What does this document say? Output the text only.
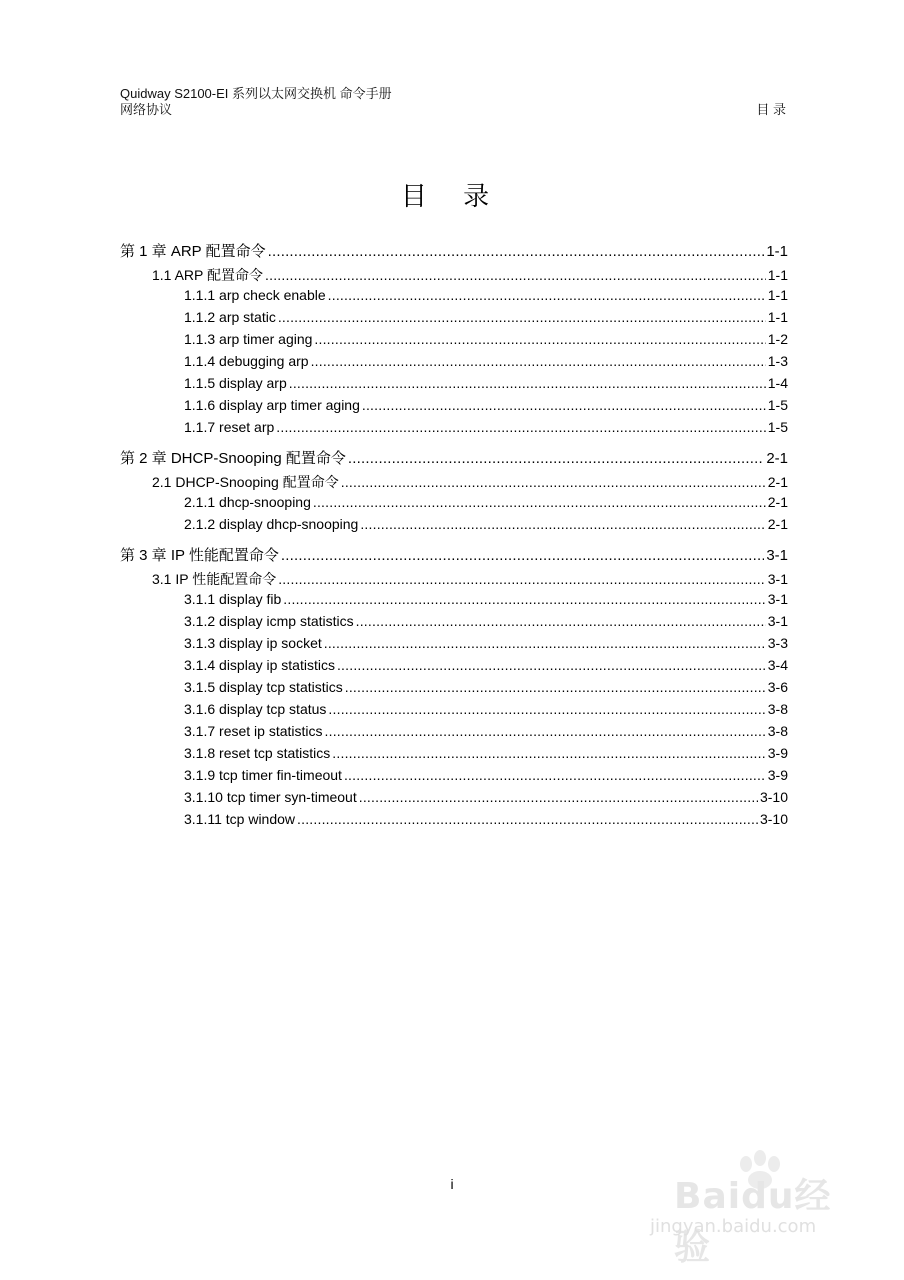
Quidway S2100-EI 系列以太网交换机 命令手册
网络协议	目 录
目 录
第 1 章 ARP 配置命令 .....	1-1
1.1 ARP 配置命令 .....	1-1
1.1.1 arp check enable .....	1-1
1.1.2 arp static .....	1-1
1.1.3 arp timer aging .....	1-2
1.1.4 debugging arp .....	1-3
1.1.5 display arp .....	1-4
1.1.6 display arp timer aging .....	1-5
1.1.7 reset arp .....	1-5
第 2 章 DHCP-Snooping 配置命令 .....	2-1
2.1 DHCP-Snooping 配置命令 .....	2-1
2.1.1 dhcp-snooping .....	2-1
2.1.2 display dhcp-snooping .....	2-1
第 3 章 IP 性能配置命令 .....	3-1
3.1 IP 性能配置命令 .....	3-1
3.1.1 display fib .....	3-1
3.1.2 display icmp statistics .....	3-1
3.1.3 display ip socket .....	3-3
3.1.4 display ip statistics .....	3-4
3.1.5 display tcp statistics .....	3-6
3.1.6 display tcp status .....	3-8
3.1.7 reset ip statistics .....	3-8
3.1.8 reset tcp statistics .....	3-9
3.1.9 tcp timer fin-timeout .....	3-9
3.1.10 tcp timer syn-timeout .....	3-10
3.1.11 tcp window .....	3-10
i	Baidu经验
jingyan.baidu.com
